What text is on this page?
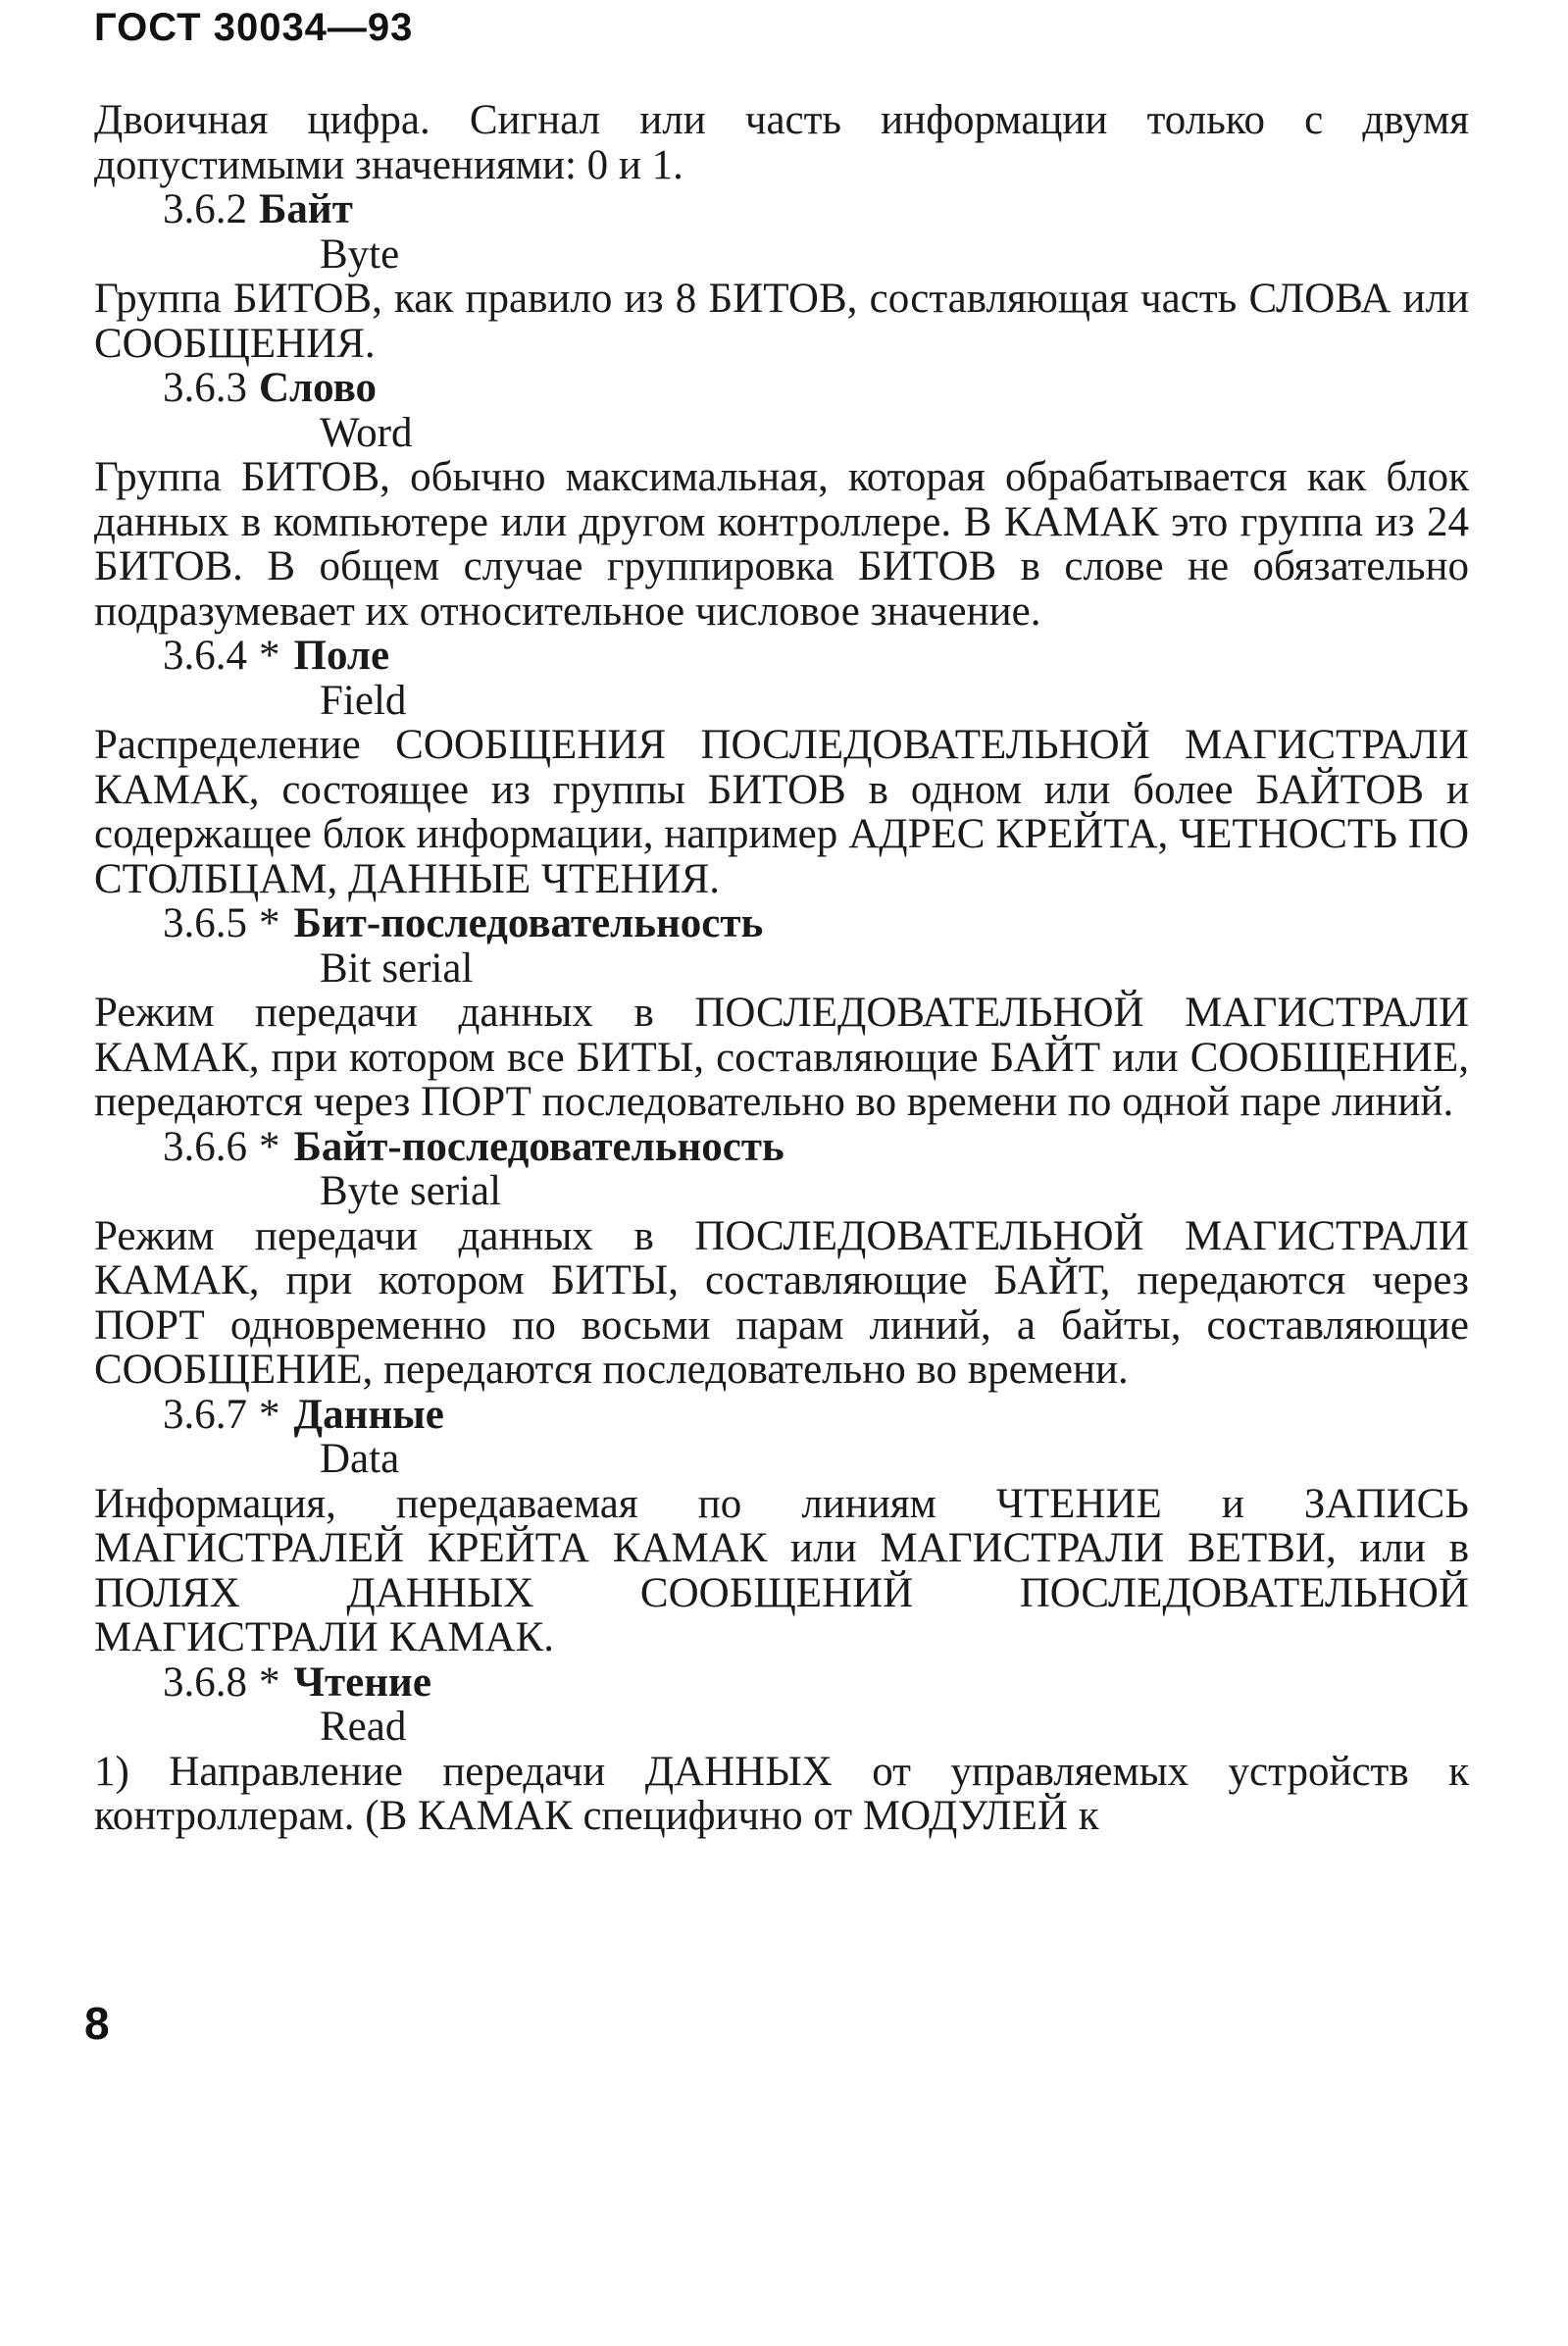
ГОСТ 30034—93

Двоичная цифра. Сигнал или часть информации только с двумя допустимыми значениями: 0 и 1.

3.6.2 Байт

Byte

Группа БИТОВ, как правило из 8 БИТОВ, составляющая часть СЛОВА или СООБЩЕНИЯ.

3.6.3 Слово

Word

Группа БИТОВ, обычно максимальная, которая обрабатывается как блок данных в компьютере или другом контроллере. В КАМАК это группа из 24 БИТОВ. В общем случае группировка БИТОВ в слове не обязательно подразумевает их относительное числовое значение.

3.6.4 * Поле

Field

Распределение СООБЩЕНИЯ ПОСЛЕДОВАТЕЛЬНОЙ МАГИСТРАЛИ КАМАК, состоящее из группы БИТОВ в одном или более БАЙТОВ и содержащее блок информации, например АДРЕС КРЕЙТА, ЧЕТНОСТЬ ПО СТОЛБЦАМ, ДАННЫЕ ЧТЕНИЯ.

3.6.5 * Бит-последовательность

Bit serial

Режим передачи данных в ПОСЛЕДОВАТЕЛЬНОЙ МАГИСТРАЛИ КАМАК, при котором все БИТЫ, составляющие БАЙТ или СООБЩЕНИЕ, передаются через ПОРТ последовательно во времени по одной паре линий.

3.6.6 * Байт-последовательность

Byte serial

Режим передачи данных в ПОСЛЕДОВАТЕЛЬНОЙ МАГИСТРАЛИ КАМАК, при котором БИТЫ, составляющие БАЙТ, передаются через ПОРТ одновременно по восьми парам линий, а байты, составляющие СООБЩЕНИЕ, передаются последовательно во времени.

3.6.7 * Данные

Data

Информация, передаваемая по линиям ЧТЕНИЕ и ЗАПИСЬ МАГИСТРАЛЕЙ КРЕЙТА КАМАК или МАГИСТРАЛИ ВЕТВИ, или в ПОЛЯХ ДАННЫХ СООБЩЕНИЙ ПОСЛЕДОВАТЕЛЬНОЙ МАГИСТРАЛИ КАМАК.

3.6.8 * Чтение

Read

1) Направление передачи ДАННЫХ от управляемых устройств к контроллерам. (В КАМАК специфично от МОДУЛЕЙ к

8
